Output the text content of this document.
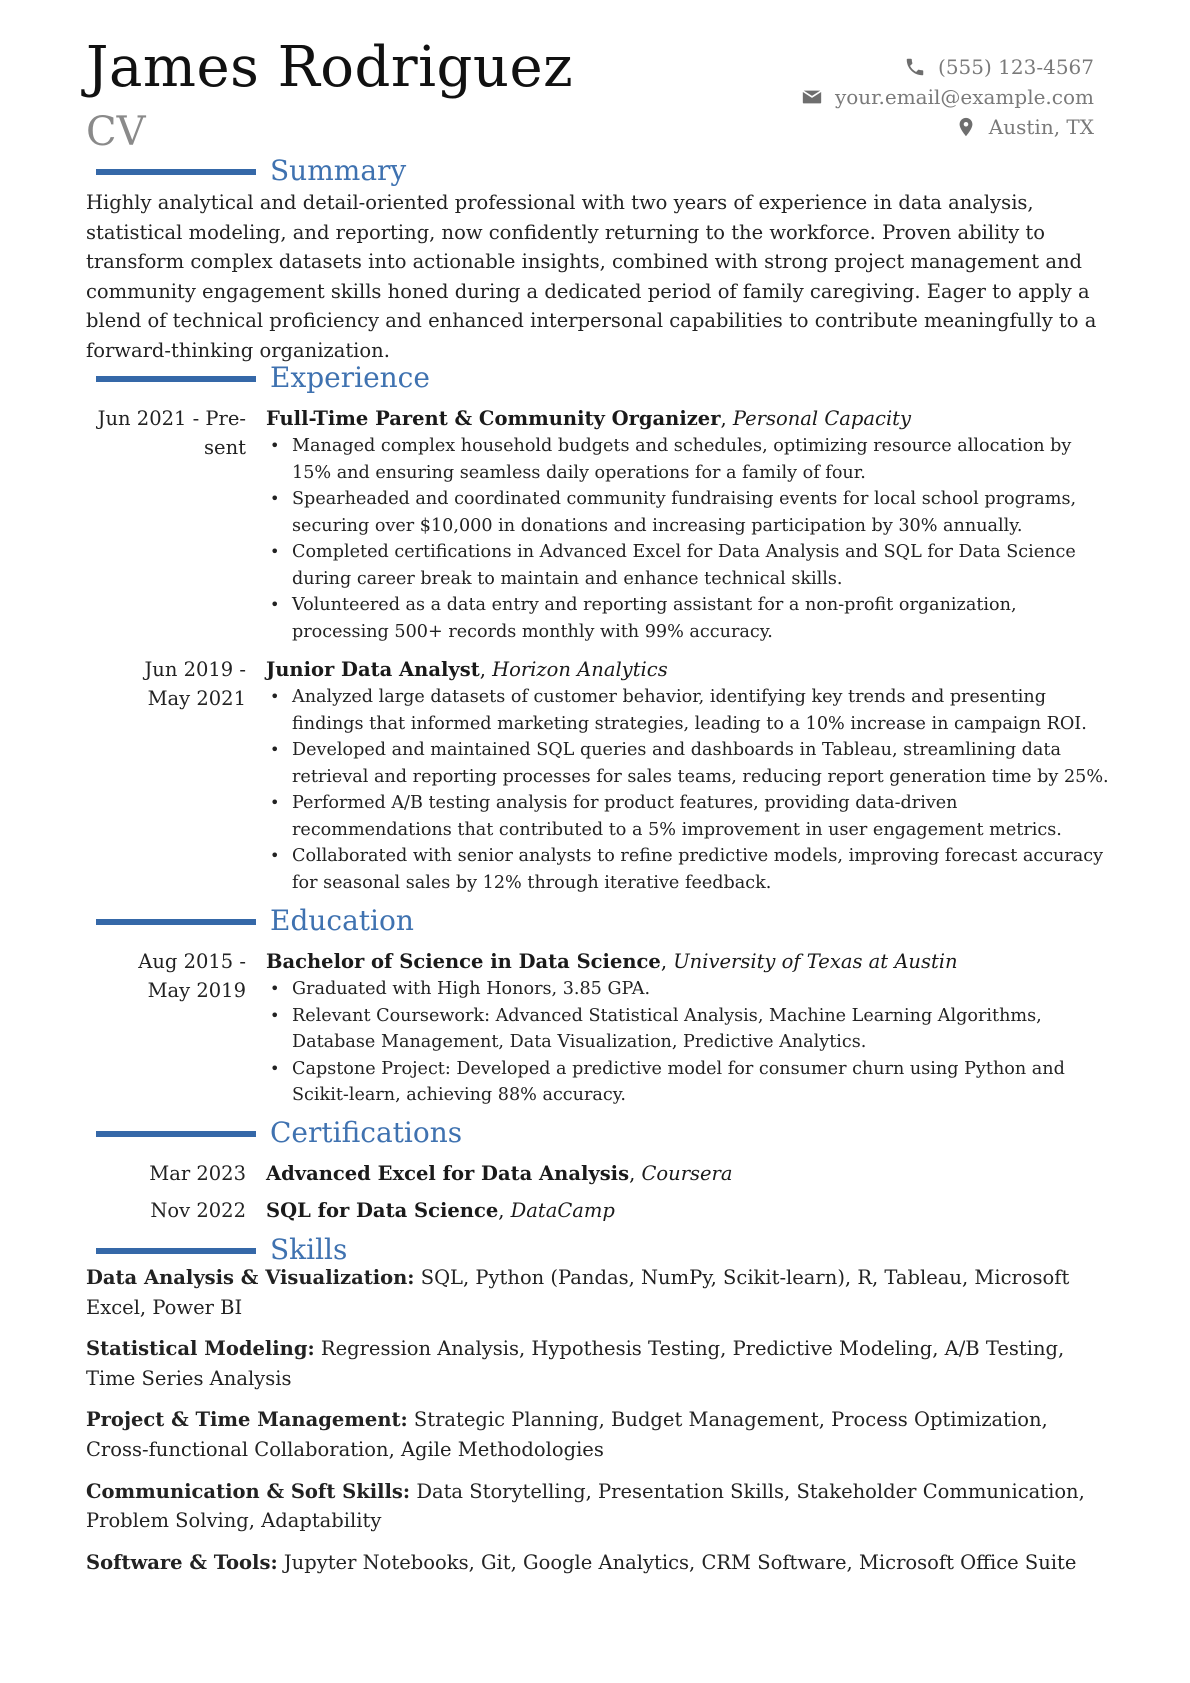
James Rodriguez
CV
(555) 123-4567
your.email@example.com
Austin, TX
Summary
Highly analytical and detail-oriented professional with two years of experience in data analysis, statistical modeling, and reporting, now confidently returning to the workforce. Proven ability to transform complex datasets into actionable insights, combined with strong project management and community engagement skills honed during a dedicated period of family caregiving. Eager to apply a blend of technical proficiency and enhanced interpersonal capabilities to contribute meaningfully to a forward-thinking organization.
Experience
Jun 2021 - Pre-
sent
Full-Time Parent & Community Organizer, Personal Capacity
• Managed complex household budgets and schedules, optimizing resource allocation by 15% and ensuring seamless daily operations for a family of four.
• Spearheaded and coordinated community fundraising events for local school programs, securing over $10,000 in donations and increasing participation by 30% annually.
• Completed certifications in Advanced Excel for Data Analysis and SQL for Data Science during career break to maintain and enhance technical skills.
• Volunteered as a data entry and reporting assistant for a non-profit organization, processing 500+ records monthly with 99% accuracy.
Jun 2019 -
May 2021
Junior Data Analyst, Horizon Analytics
• Analyzed large datasets of customer behavior, identifying key trends and presenting findings that informed marketing strategies, leading to a 10% increase in campaign ROI.
• Developed and maintained SQL queries and dashboards in Tableau, streamlining data retrieval and reporting processes for sales teams, reducing report generation time by 25%.
• Performed A/B testing analysis for product features, providing data-driven recommendations that contributed to a 5% improvement in user engagement metrics.
• Collaborated with senior analysts to refine predictive models, improving forecast accuracy for seasonal sales by 12% through iterative feedback.
Education
Aug 2015 -
May 2019
Bachelor of Science in Data Science, University of Texas at Austin
• Graduated with High Honors, 3.85 GPA.
• Relevant Coursework: Advanced Statistical Analysis, Machine Learning Algorithms, Database Management, Data Visualization, Predictive Analytics.
• Capstone Project: Developed a predictive model for consumer churn using Python and Scikit-learn, achieving 88% accuracy.
Certifications
Mar 2023 Advanced Excel for Data Analysis, Coursera
Nov 2022 SQL for Data Science, DataCamp
Skills
Data Analysis & Visualization: SQL, Python (Pandas, NumPy, Scikit-learn), R, Tableau, Microsoft Excel, Power BI
Statistical Modeling: Regression Analysis, Hypothesis Testing, Predictive Modeling, A/B Testing, Time Series Analysis
Project & Time Management: Strategic Planning, Budget Management, Process Optimization, Cross-functional Collaboration, Agile Methodologies
Communication & Soft Skills: Data Storytelling, Presentation Skills, Stakeholder Communication, Problem Solving, Adaptability
Software & Tools: Jupyter Notebooks, Git, Google Analytics, CRM Software, Microsoft Office Suite
